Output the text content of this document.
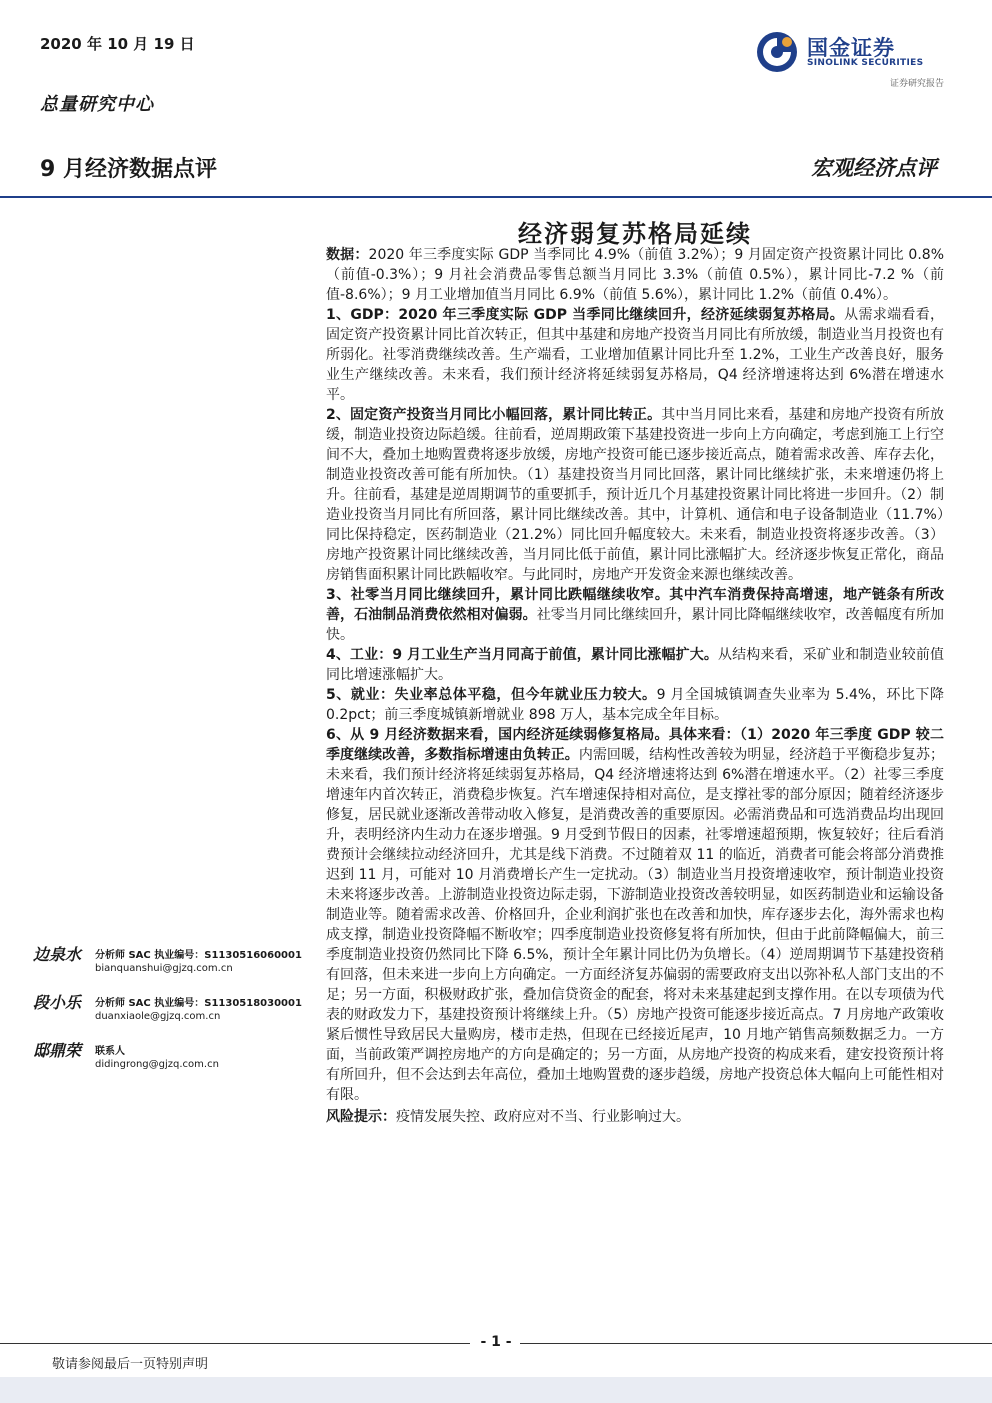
2020 年 10 月 19 日
总量研究中心
国金证券
SINOLINK SECURITIES
证券研究报告
9 月经济数据点评	宏观经济点评
经济弱复苏格局延续

数据：2020 年三季度实际 GDP 当季同比 4.9%（前值 3.2%）；9 月固定资产投资累计同比 0.8%（前值-0.3%）；9 月社会消费品零售总额当月同比 3.3%（前值 0.5%），累计同比-7.2 %（前值-8.6%）；9 月工业增加值当月同比 6.9%（前值 5.6%），累计同比 1.2%（前值 0.4%）。

1、GDP：2020 年三季度实际 GDP 当季同比继续回升，经济延续弱复苏格局。从需求端看看，固定资产投资累计同比首次转正，但其中基建和房地产投资当月同比有所放缓，制造业当月投资也有所弱化。社零消费继续改善。生产端看，工业增加值累计同比升至 1.2%，工业生产改善良好，服务业生产继续改善。未来看，我们预计经济将延续弱复苏格局，Q4 经济增速将达到 6%潜在增速水平。

2、固定资产投资当月同比小幅回落，累计同比转正。其中当月同比来看，基建和房地产投资有所放缓，制造业投资边际趋缓。往前看，逆周期政策下基建投资进一步向上方向确定，考虑到施工上行空间不大，叠加土地购置费将逐步放缓，房地产投资可能已逐步接近高点，随着需求改善、库存去化，制造业投资改善可能有所加快。（1）基建投资当月同比回落，累计同比继续扩张，未来增速仍将上升。往前看，基建是逆周期调节的重要抓手，预计近几个月基建投资累计同比将进一步回升。（2）制造业投资当月同比有所回落，累计同比继续改善。其中，计算机、通信和电子设备制造业（11.7%）同比保持稳定，医药制造业（21.2%）同比回升幅度较大。未来看，制造业投资将逐步改善。（3）房地产投资累计同比继续改善，当月同比低于前值，累计同比涨幅扩大。经济逐步恢复正常化，商品房销售面积累计同比跌幅收窄。与此同时，房地产开发资金来源也继续改善。

3、社零当月同比继续回升，累计同比跌幅继续收窄。其中汽车消费保持高增速，地产链条有所改善，石油制品消费依然相对偏弱。社零当月同比继续回升，累计同比降幅继续收窄，改善幅度有所加快。

4、工业：9 月工业生产当月同高于前值，累计同比涨幅扩大。从结构来看，采矿业和制造业较前值同比增速涨幅扩大。

5、就业：失业率总体平稳，但今年就业压力较大。9 月全国城镇调查失业率为 5.4%，环比下降 0.2pct；前三季度城镇新增就业 898 万人，基本完成全年目标。

6、从 9 月经济数据来看，国内经济延续弱修复格局。具体来看：（1）2020 年三季度 GDP 较二季度继续改善，多数指标增速由负转正。内需回暖，结构性改善较为明显，经济趋于平衡稳步复苏；未来看，我们预计经济将延续弱复苏格局，Q4 经济增速将达到 6%潜在增速水平。（2）社零三季度增速年内首次转正，消费稳步恢复。汽车增速保持相对高位，是支撑社零的部分原因；随着经济逐步修复，居民就业逐渐改善带动收入修复，是消费改善的重要原因。必需消费品和可选消费品均出现回升，表明经济内生动力在逐步增强。9 月受到节假日的因素，社零增速超预期，恢复较好；往后看消费预计会继续拉动经济回升，尤其是线下消费。不过随着双 11 的临近，消费者可能会将部分消费推迟到 11 月，可能对 10 月消费增长产生一定扰动。（3）制造业当月投资增速收窄，预计制造业投资未来将逐步改善。上游制造业投资边际走弱，下游制造业投资改善较明显，如医药制造业和运输设备制造业等。随着需求改善、价格回升，企业利润扩张也在改善和加快，库存逐步去化，海外需求也构成支撑，制造业投资降幅不断收窄；四季度制造业投资修复将有所加快，但由于此前降幅偏大，前三季度制造业投资仍然同比下降 6.5%，预计全年累计同比仍为负增长。（4）逆周期调节下基建投资稍有回落，但未来进一步向上方向确定。一方面经济复苏偏弱的需要政府支出以弥补私人部门支出的不足；另一方面，积极财政扩张，叠加信贷资金的配套，将对未来基建起到支撑作用。在以专项债为代表的财政发力下，基建投资预计将继续上升。（5）房地产投资可能逐步接近高点。7 月房地产政策收紧后惯性导致居民大量购房，楼市走热，但现在已经接近尾声，10 月地产销售高频数据乏力。一方面，当前政策严调控房地产的方向是确定的；另一方面，从房地产投资的构成来看，建安投资预计将有所回升，但不会达到去年高位，叠加土地购置费的逐步趋缓，房地产投资总体大幅向上可能性相对有限。

风险提示：疫情发展失控、政府应对不当、行业影响过大。

边泉水 分析师 SAC 执业编号：S1130516060001
bianquanshui@gjzq.com.cn
段小乐 分析师 SAC 执业编号：S1130518030001
duanxiaole@gjzq.com.cn
邸鼎荣 联系人
didingrong@gjzq.com.cn
- 1 -
敬请参阅最后一页特别声明
